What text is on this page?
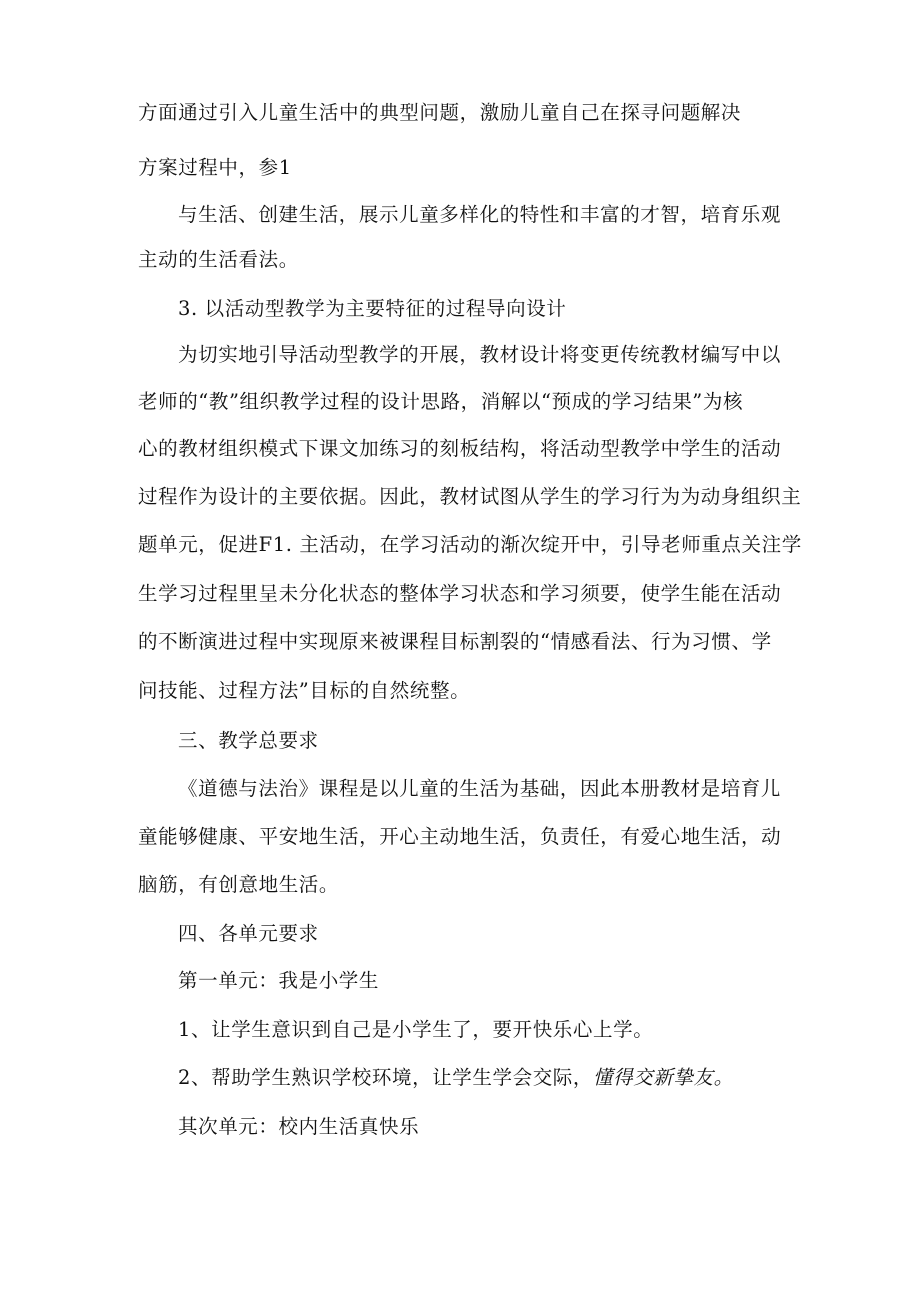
方面通过引入儿童生活中的典型问题，激励儿童自己在探寻问题解决
方案过程中，参1
与生活、创建生活，展示儿童多样化的特性和丰富的才智，培育乐观
主动的生活看法。
3. 以活动型教学为主要特征的过程导向设计
为切实地引导活动型教学的开展，教材设计将变更传统教材编写中以
老师的“教”组织教学过程的设计思路，消解以“预成的学习结果”为核
心的教材组织模式下课文加练习的刻板结构，将活动型教学中学生的活动
过程作为设计的主要依据。因此，教材试图从学生的学习行为为动身组织主
题单元，促进F1. 主活动，在学习活动的渐次绽开中，引导老师重点关注学
生学习过程里呈未分化状态的整体学习状态和学习须要，使学生能在活动
的不断演进过程中实现原来被课程目标割裂的“情感看法、行为习惯、学
问技能、过程方法”目标的自然统整。
三、教学总要求
《道德与法治》课程是以儿童的生活为基础，因此本册教材是培育儿
童能够健康、平安地生活，开心主动地生活，负责任，有爱心地生活，动
脑筋，有创意地生活。
四、各单元要求
第一单元：我是小学生
1、让学生意识到自己是小学生了，要开快乐心上学。
2、帮助学生熟识学校环境，让学生学会交际，懂得交新挚友。
其次单元：校内生活真快乐
